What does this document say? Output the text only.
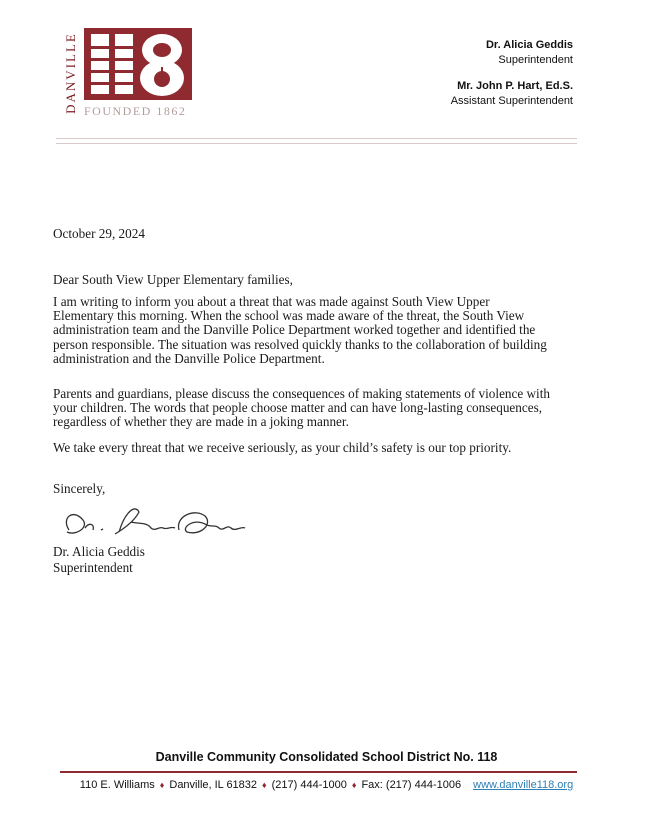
DANVILLE FOUNDED 1862
Dr. Alicia Geddis
Superintendent
Mr. John P. Hart, Ed.S.
Assistant Superintendent
October 29, 2024
Dear South View Upper Elementary families,

I am writing to inform you about a threat that was made against South View Upper Elementary this morning. When the school was made aware of the threat, the South View administration team and the Danville Police Department worked together and identified the person responsible. The situation was resolved quickly thanks to the collaboration of building administration and the Danville Police Department.

Parents and guardians, please discuss the consequences of making statements of violence with your children. The words that people choose matter and can have long-lasting consequences, regardless of whether they are made in a joking manner.

We take every threat that we receive seriously, as your child’s safety is our top priority.

Sincerely,
Dr. Alicia Geddis
Superintendent
Danville Community Consolidated School District No. 118
110 E. Williams ♦ Danville, IL 61832 ♦ (217) 444-1000 ♦ Fax: (217) 444-1006 www.danville118.org
